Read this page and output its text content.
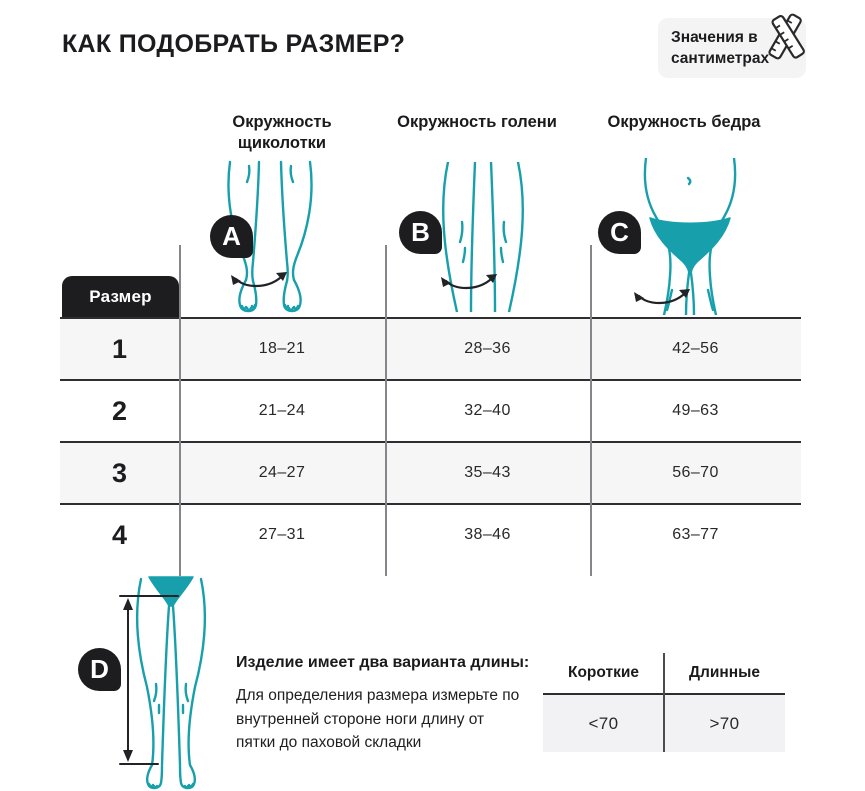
КАК ПОДОБРАТЬ РАЗМЕР?	Значения в сантиметрах
Окружность щиколотки
Окружность голени	Окружность бедра
A	B	C
Размер
1	18–21	28–36	42–56
2	21–24	32–40	49–63
3	24–27	35–43	56–70
4	27–31	38–46	63–77
D	Изделие имеет два варианта длины:
Для определения размера измерьте по внутренней стороне ноги длину от пятки до паховой складки
Короткие	Длинные
<70	>70
